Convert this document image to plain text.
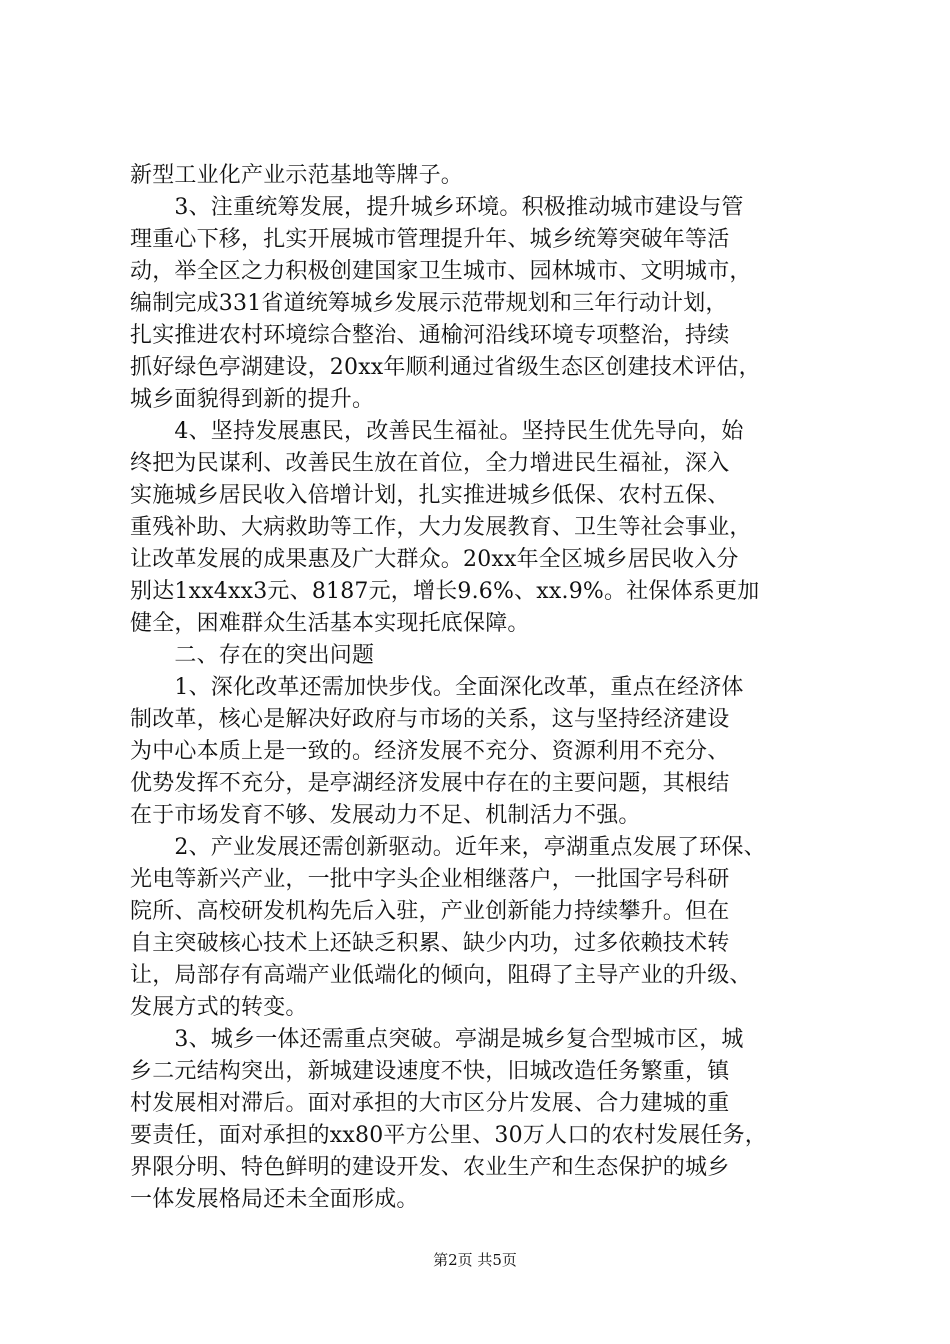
新型工业化产业示范基地等牌子。
　　3、注重统筹发展，提升城乡环境。积极推动城市建设与管
理重心下移，扎实开展城市管理提升年、城乡统筹突破年等活
动，举全区之力积极创建国家卫生城市、园林城市、文明城市，
编制完成331省道统筹城乡发展示范带规划和三年行动计划，
扎实推进农村环境综合整治、通榆河沿线环境专项整治，持续
抓好绿色亭湖建设，20xx年顺利通过省级生态区创建技术评估，
城乡面貌得到新的提升。
　　4、坚持发展惠民，改善民生福祉。坚持民生优先导向，始
终把为民谋利、改善民生放在首位，全力增进民生福祉，深入
实施城乡居民收入倍增计划，扎实推进城乡低保、农村五保、
重残补助、大病救助等工作，大力发展教育、卫生等社会事业，
让改革发展的成果惠及广大群众。20xx年全区城乡居民收入分
别达1xx4xx3元、8187元，增长9.6%、xx.9%。社保体系更加
健全，困难群众生活基本实现托底保障。
　　二、存在的突出问题
　　1、深化改革还需加快步伐。全面深化改革，重点在经济体
制改革，核心是解决好政府与市场的关系，这与坚持经济建设
为中心本质上是一致的。经济发展不充分、资源利用不充分、
优势发挥不充分，是亭湖经济发展中存在的主要问题，其根结
在于市场发育不够、发展动力不足、机制活力不强。
　　2、产业发展还需创新驱动。近年来，亭湖重点发展了环保、
光电等新兴产业，一批中字头企业相继落户，一批国字号科研
院所、高校研发机构先后入驻，产业创新能力持续攀升。但在
自主突破核心技术上还缺乏积累、缺少内功，过多依赖技术转
让，局部存有高端产业低端化的倾向，阻碍了主导产业的升级、
发展方式的转变。
　　3、城乡一体还需重点突破。亭湖是城乡复合型城市区，城
乡二元结构突出，新城建设速度不快，旧城改造任务繁重，镇
村发展相对滞后。面对承担的大市区分片发展、合力建城的重
要责任，面对承担的xx80平方公里、30万人口的农村发展任务，
界限分明、特色鲜明的建设开发、农业生产和生态保护的城乡
一体发展格局还未全面形成。
第2页 共5页
